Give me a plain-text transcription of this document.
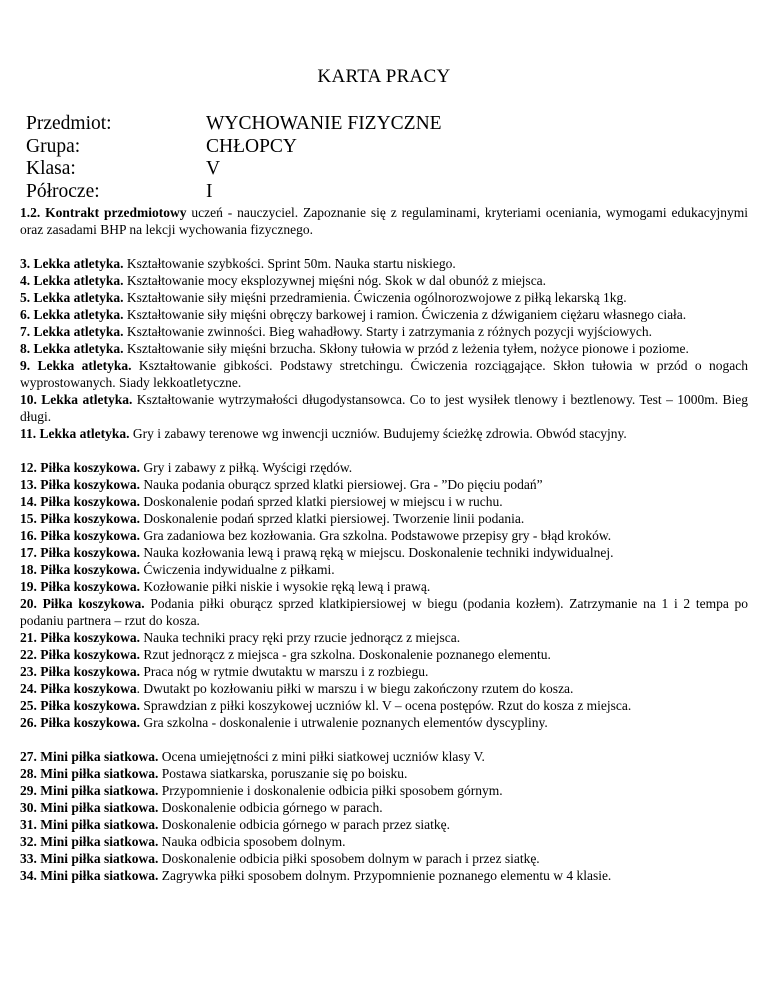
KARTA PRACY
Przedmiot:	WYCHOWANIE FIZYCZNE
Grupa:	CHŁOPCY
Klasa:	V
Półrocze:	I

1.2. Kontrakt przedmiotowy uczeń - nauczyciel. Zapoznanie się z regulaminami, kryteriami oceniania, wymogami edukacyjnymi oraz zasadami BHP na lekcji wychowania fizycznego.

3. Lekka atletyka. Kształtowanie szybkości. Sprint 50m. Nauka startu niskiego.

4. Lekka atletyka. Kształtowanie mocy eksplozywnej mięśni nóg. Skok w dal obunóż z miejsca.

5. Lekka atletyka. Kształtowanie siły mięśni przedramienia. Ćwiczenia ogólnorozwojowe z piłką lekarską 1kg.

6. Lekka atletyka. Kształtowanie siły mięśni obręczy barkowej i ramion. Ćwiczenia z dźwiganiem ciężaru własnego ciała.

7. Lekka atletyka. Kształtowanie zwinności. Bieg wahadłowy. Starty i zatrzymania z różnych pozycji wyjściowych.

8. Lekka atletyka. Kształtowanie siły mięśni brzucha. Skłony tułowia w przód z leżenia tyłem, nożyce pionowe i poziome.

9. Lekka atletyka. Kształtowanie gibkości. Podstawy stretchingu. Ćwiczenia rozciągające. Skłon tułowia w przód o nogach wyprostowanych. Siady lekkoatletyczne.

10. Lekka atletyka. Kształtowanie wytrzymałości długodystansowca. Co to jest wysiłek tlenowy i beztlenowy. Test – 1000m. Bieg długi.

11. Lekka atletyka. Gry i zabawy terenowe wg inwencji uczniów. Budujemy ścieżkę zdrowia. Obwód stacyjny.

12. Piłka koszykowa. Gry i zabawy z piłką. Wyścigi rzędów.

13. Piłka koszykowa. Nauka podania oburącz sprzed klatki piersiowej. Gra - ”Do pięciu podań”

14. Piłka koszykowa. Doskonalenie podań sprzed klatki piersiowej w miejscu i w ruchu.

15. Piłka koszykowa. Doskonalenie podań sprzed klatki piersiowej. Tworzenie linii podania.

16. Piłka koszykowa. Gra zadaniowa bez kozłowania. Gra szkolna. Podstawowe przepisy gry - błąd kroków.

17. Piłka koszykowa. Nauka kozłowania lewą i prawą ręką w miejscu. Doskonalenie techniki indywidualnej.

18. Piłka koszykowa. Ćwiczenia indywidualne z piłkami.

19. Piłka koszykowa. Kozłowanie piłki niskie i wysokie ręką lewą i prawą.

20. Piłka koszykowa. Podania piłki oburącz sprzed klatkipiersiowej w biegu (podania kozłem). Zatrzymanie na 1 i 2 tempa po podaniu partnera – rzut do kosza.

21. Piłka koszykowa. Nauka techniki pracy ręki przy rzucie jednorącz z miejsca.

22. Piłka koszykowa. Rzut jednorącz z miejsca - gra szkolna. Doskonalenie poznanego elementu.

23. Piłka koszykowa. Praca nóg w rytmie dwutaktu w marszu i z rozbiegu.

24. Piłka koszykowa. Dwutakt po kozłowaniu piłki w marszu i w biegu zakończony rzutem do kosza.

25. Piłka koszykowa. Sprawdzian z piłki koszykowej uczniów kl. V – ocena postępów. Rzut do kosza z miejsca.

26. Piłka koszykowa. Gra szkolna - doskonalenie i utrwalenie poznanych elementów dyscypliny.

27. Mini piłka siatkowa. Ocena umiejętności z mini piłki siatkowej uczniów klasy V.

28. Mini piłka siatkowa. Postawa siatkarska, poruszanie się po boisku.

29. Mini piłka siatkowa. Przypomnienie i doskonalenie odbicia piłki sposobem górnym.

30. Mini piłka siatkowa. Doskonalenie odbicia górnego w parach.

31. Mini piłka siatkowa. Doskonalenie odbicia górnego w parach przez siatkę.

32. Mini piłka siatkowa. Nauka odbicia sposobem dolnym.

33. Mini piłka siatkowa. Doskonalenie odbicia piłki sposobem dolnym w parach i przez siatkę.

34. Mini piłka siatkowa. Zagrywka piłki sposobem dolnym. Przypomnienie poznanego elementu w 4 klasie.
